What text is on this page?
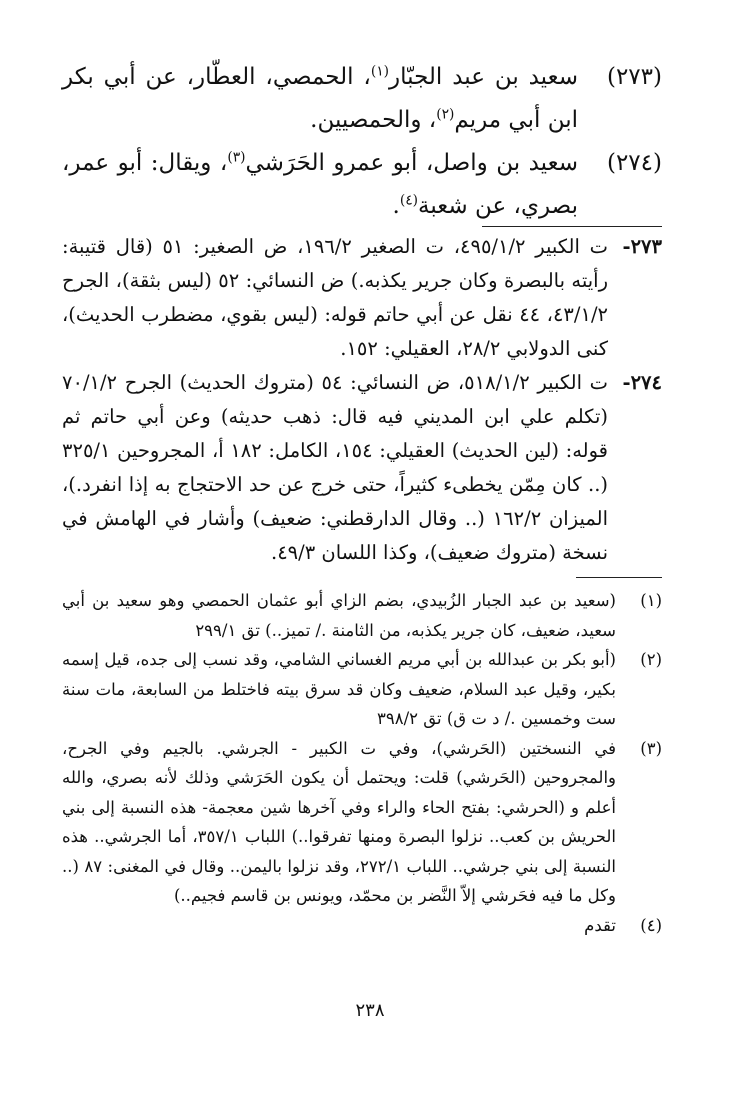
(٢٧٣)
سعيد بن عبد الجبّار$^{(١)}$، الحمصي، العطّار، عن أبي بكر ابن أبي مريم$^{(٢)}$، والحمصيين.
(٢٧٤)
سعيد بن واصل، أبو عمرو الحَرَشي$^{(٣)}$، ويقال: أبو عمر، بصري، عن شعبة$^{(٤)}$.
٢٧٣-
ت الكبير ٤٩٥/١/٢، ت الصغير ١٩٦/٢، ض الصغير: ٥١ (قال قتيبة: رأيته بالبصرة وكان جرير يكذبه.) ض النسائي: ٥٢ (ليس بثقة)، الجرح ٤٣/١/٢، ٤٤ نقل عن أبي حاتم قوله: (ليس بقوي، مضطرب الحديث)، كنى الدولابي ٢٨/٢، العقيلي: ١٥٢.
٢٧٤-
ت الكبير ٥١٨/١/٢، ض النسائي: ٥٤ (متروك الحديث) الجرح ٧٠/١/٢ (تكلم علي ابن المديني فيه قال: ذهب حديثه) وعن أبي حاتم ثم قوله: (لين الحديث) العقيلي: ١٥٤، الكامل: ١٨٢ أ، المجروحين ٣٢٥/١ (.. كان مِمّن يخطىء كثيراً، حتى خرج عن حد الاحتجاج به إذا انفرد.)، الميزان ١٦٢/٢ (.. وقال الدارقطني: ضعيف) وأشار في الهامش في نسخة (متروك ضعيف)، وكذا اللسان ٤٩/٣.
(١)
(سعيد بن عبد الجبار الزُبيدي، بضم الزاي أبو عثمان الحمصي وهو سعيد بن أبي سعيد، ضعيف، كان جرير يكذبه، من الثامنة ./ تميز..) تق ٢٩٩/١
(٢)
(أبو بكر بن عبدالله بن أبي مريم الغساني الشامي، وقد نسب إلى جده، قيل إسمه بكير، وقيل عبد السلام، ضعيف وكان قد سرق بيته فاختلط من السابعة، مات سنة ست وخمسين ./ د ت ق) تق ٣٩٨/٢
(٣)
في النسختين (الحَرشي)، وفي ت الكبير - الجرشي. بالجيم وفي الجرح، والمجروحين (الحَرشي) قلت: ويحتمل أن يكون الحَرَشي وذلك لأنه بصري، والله أعلم و (الحرشي: بفتح الحاء والراء وفي آخرها شين معجمة- هذه النسبة إلى بني الحريش بن كعب.. نزلوا البصرة ومنها تفرقوا..) اللباب ٣٥٧/١، أما الجرشي.. هذه النسبة إلى بني جرشي.. اللباب ٢٧٢/١، وقد نزلوا باليمن.. وقال في المغنى: ٨٧ (.. وكل ما فيه فحَرشي إلاّ النَّضر بن محمّد، ويونس بن قاسم فجيم..)
(٤)
تقدم
٢٣٨
